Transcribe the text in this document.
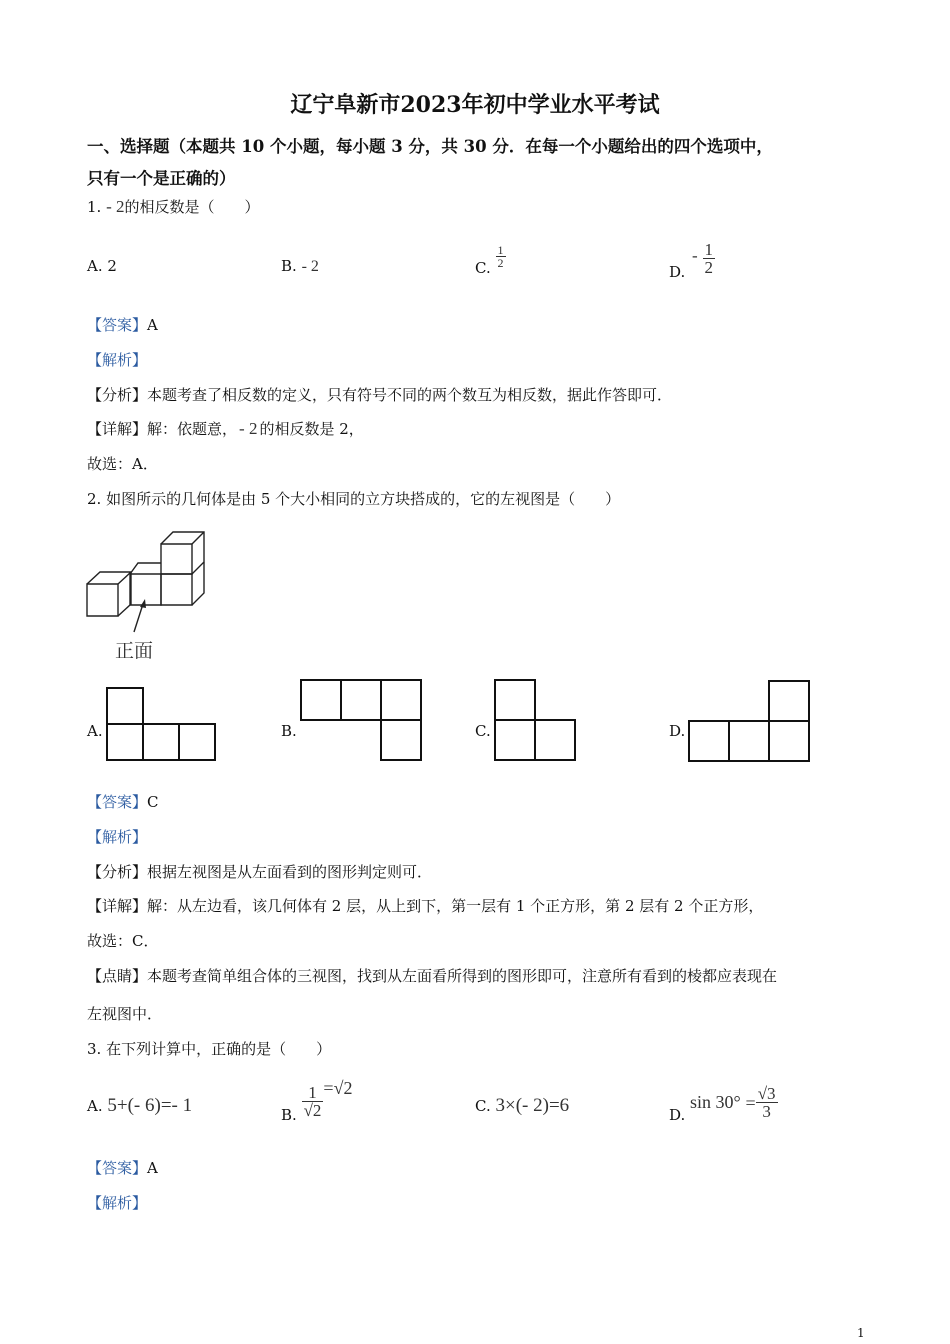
辽宁阜新市2023年初中学业水平考试
一、选择题（本题共 10 个小题，每小题 3 分，共 30 分．在每一个小题给出的四个选项中，
只有一个是正确的）
1. - 2的相反数是（　　）
A. 2	B. - 2	C. $\frac{1}{2}$
D. - $\frac{1}{2}$
【答案】A
【解析】
【分析】本题考查了相反数的定义，只有符号不同的两个数互为相反数，据此作答即可．
【详解】解：依题意， - 2 的相反数是 2，
故选：A．
2. 如图所示的几何体是由 5 个大小相同的立方块搭成的，它的左视图是（　　）
正面
A.	B.	C.	D.
【答案】C
【解析】
【分析】根据左视图是从左面看到的图形判定则可．
【详解】解：从左边看，该几何体有 2 层，从上到下，第一层有 1 个正方形，第 2 层有 2 个正方形，
故选：C．
【点睛】本题考查简单组合体的三视图，找到从左面看所得到的图形即可，注意所有看到的棱都应表现在
左视图中．
3. 在下列计算中，正确的是（　　）
A. 5+(- 6)=- 1	B. $\frac{1}{√2} =√2$
C. 3×(- 2)=6	D. $\sin 30^\circ = \frac{√3}{3}$
【答案】A
【解析】
1
